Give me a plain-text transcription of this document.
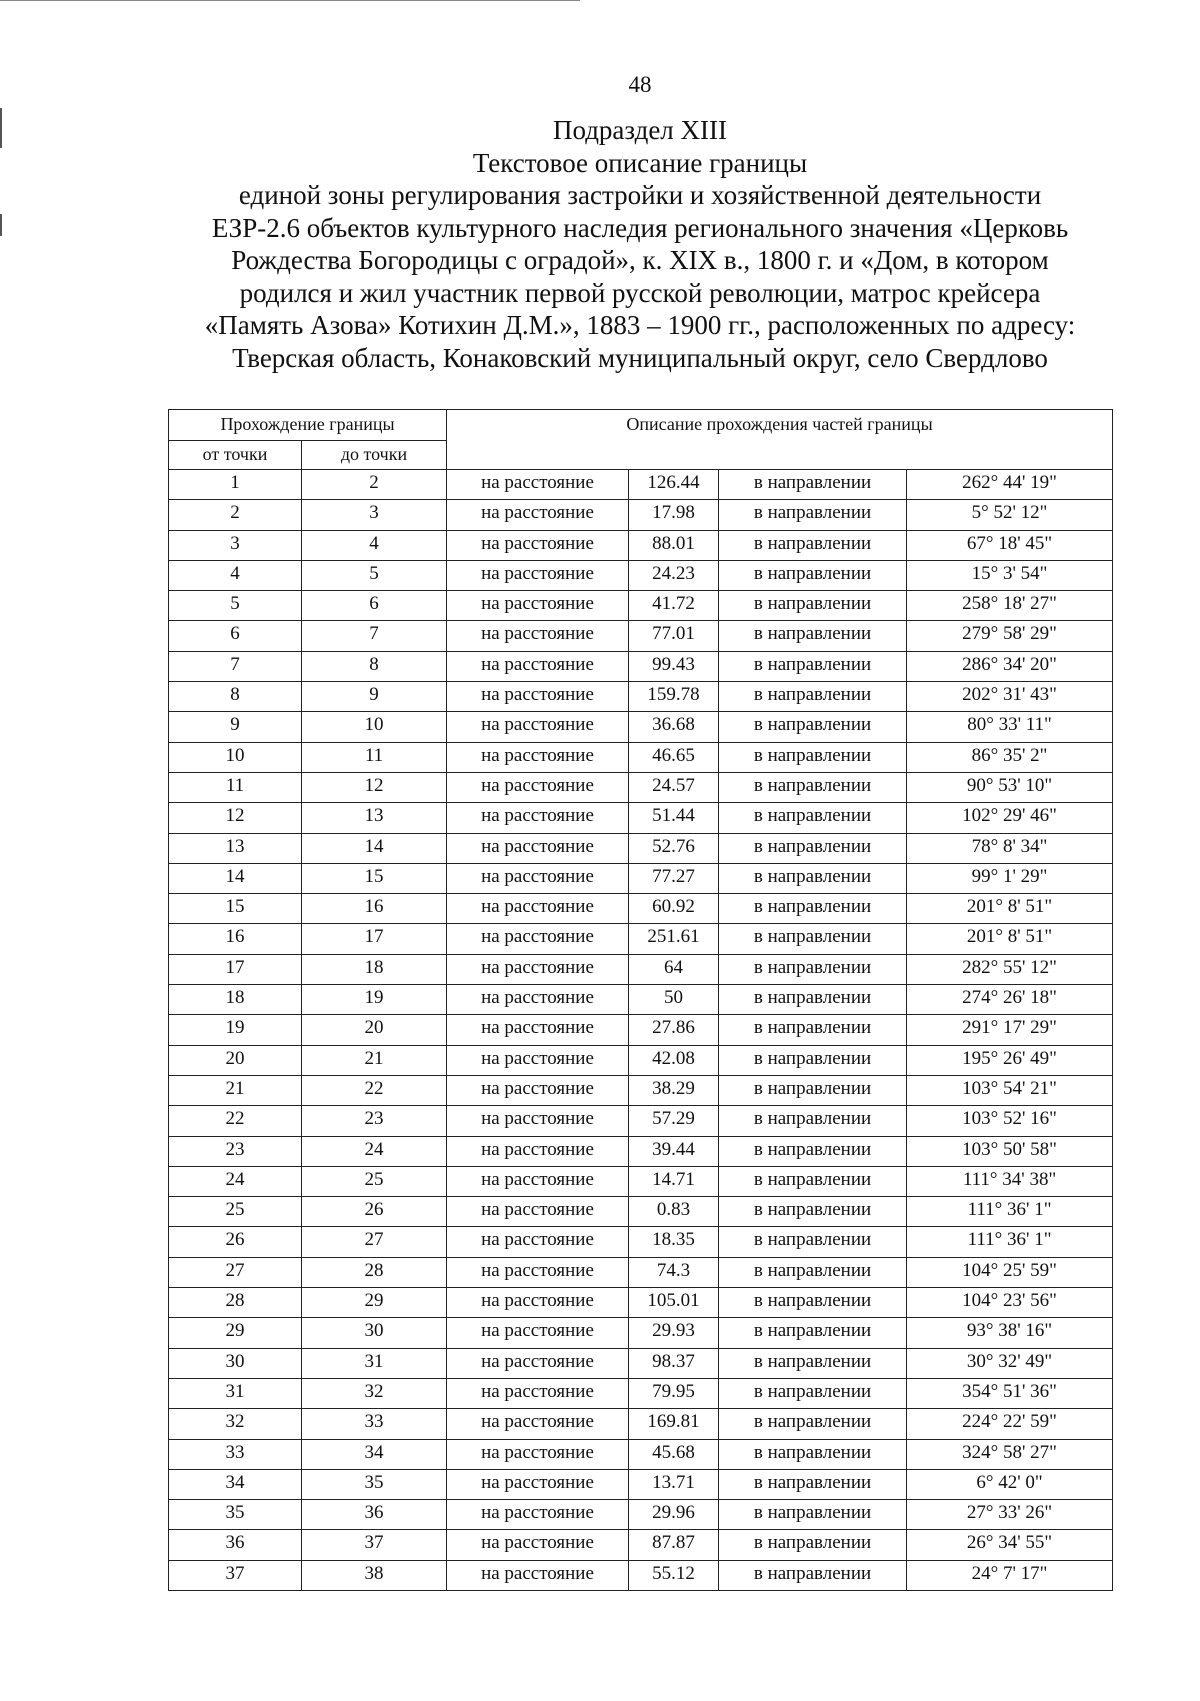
48
Подраздел XIII
Текстовое описание границы
единой зоны регулирования застройки и хозяйственной деятельности
ЕЗР-2.6 объектов культурного наследия регионального значения «Церковь
Рождества Богородицы с оградой», к. XIX в., 1800 г. и «Дом, в котором
родился и жил участник первой русской революции, матрос крейсера
«Память Азова» Котихин Д.М.», 1883 – 1900 гг., расположенных по адресу:
Тверская область, Конаковский муниципальный округ, село Свердлово
Прохождение границы		Описание прохождения частей границы			
от точки	до точки				
1	2	на расстояние	126.44	в направлении	262° 44' 19"
2	3	на расстояние	17.98	в направлении	5° 52' 12"
3	4	на расстояние	88.01	в направлении	67° 18' 45"
4	5	на расстояние	24.23	в направлении	15° 3' 54"
5	6	на расстояние	41.72	в направлении	258° 18' 27"
6	7	на расстояние	77.01	в направлении	279° 58' 29"
7	8	на расстояние	99.43	в направлении	286° 34' 20"
8	9	на расстояние	159.78	в направлении	202° 31' 43"
9	10	на расстояние	36.68	в направлении	80° 33' 11"
10	11	на расстояние	46.65	в направлении	86° 35' 2"
11	12	на расстояние	24.57	в направлении	90° 53' 10"
12	13	на расстояние	51.44	в направлении	102° 29' 46"
13	14	на расстояние	52.76	в направлении	78° 8' 34"
14	15	на расстояние	77.27	в направлении	99° 1' 29"
15	16	на расстояние	60.92	в направлении	201° 8' 51"
16	17	на расстояние	251.61	в направлении	201° 8' 51"
17	18	на расстояние	64	в направлении	282° 55' 12"
18	19	на расстояние	50	в направлении	274° 26' 18"
19	20	на расстояние	27.86	в направлении	291° 17' 29"
20	21	на расстояние	42.08	в направлении	195° 26' 49"
21	22	на расстояние	38.29	в направлении	103° 54' 21"
22	23	на расстояние	57.29	в направлении	103° 52' 16"
23	24	на расстояние	39.44	в направлении	103° 50' 58"
24	25	на расстояние	14.71	в направлении	111° 34' 38"
25	26	на расстояние	0.83	в направлении	111° 36' 1"
26	27	на расстояние	18.35	в направлении	111° 36' 1"
27	28	на расстояние	74.3	в направлении	104° 25' 59"
28	29	на расстояние	105.01	в направлении	104° 23' 56"
29	30	на расстояние	29.93	в направлении	93° 38' 16"
30	31	на расстояние	98.37	в направлении	30° 32' 49"
31	32	на расстояние	79.95	в направлении	354° 51' 36"
32	33	на расстояние	169.81	в направлении	224° 22' 59"
33	34	на расстояние	45.68	в направлении	324° 58' 27"
34	35	на расстояние	13.71	в направлении	6° 42' 0"
35	36	на расстояние	29.96	в направлении	27° 33' 26"
36	37	на расстояние	87.87	в направлении	26° 34' 55"
37	38	на расстояние	55.12	в направлении	24° 7' 17"
